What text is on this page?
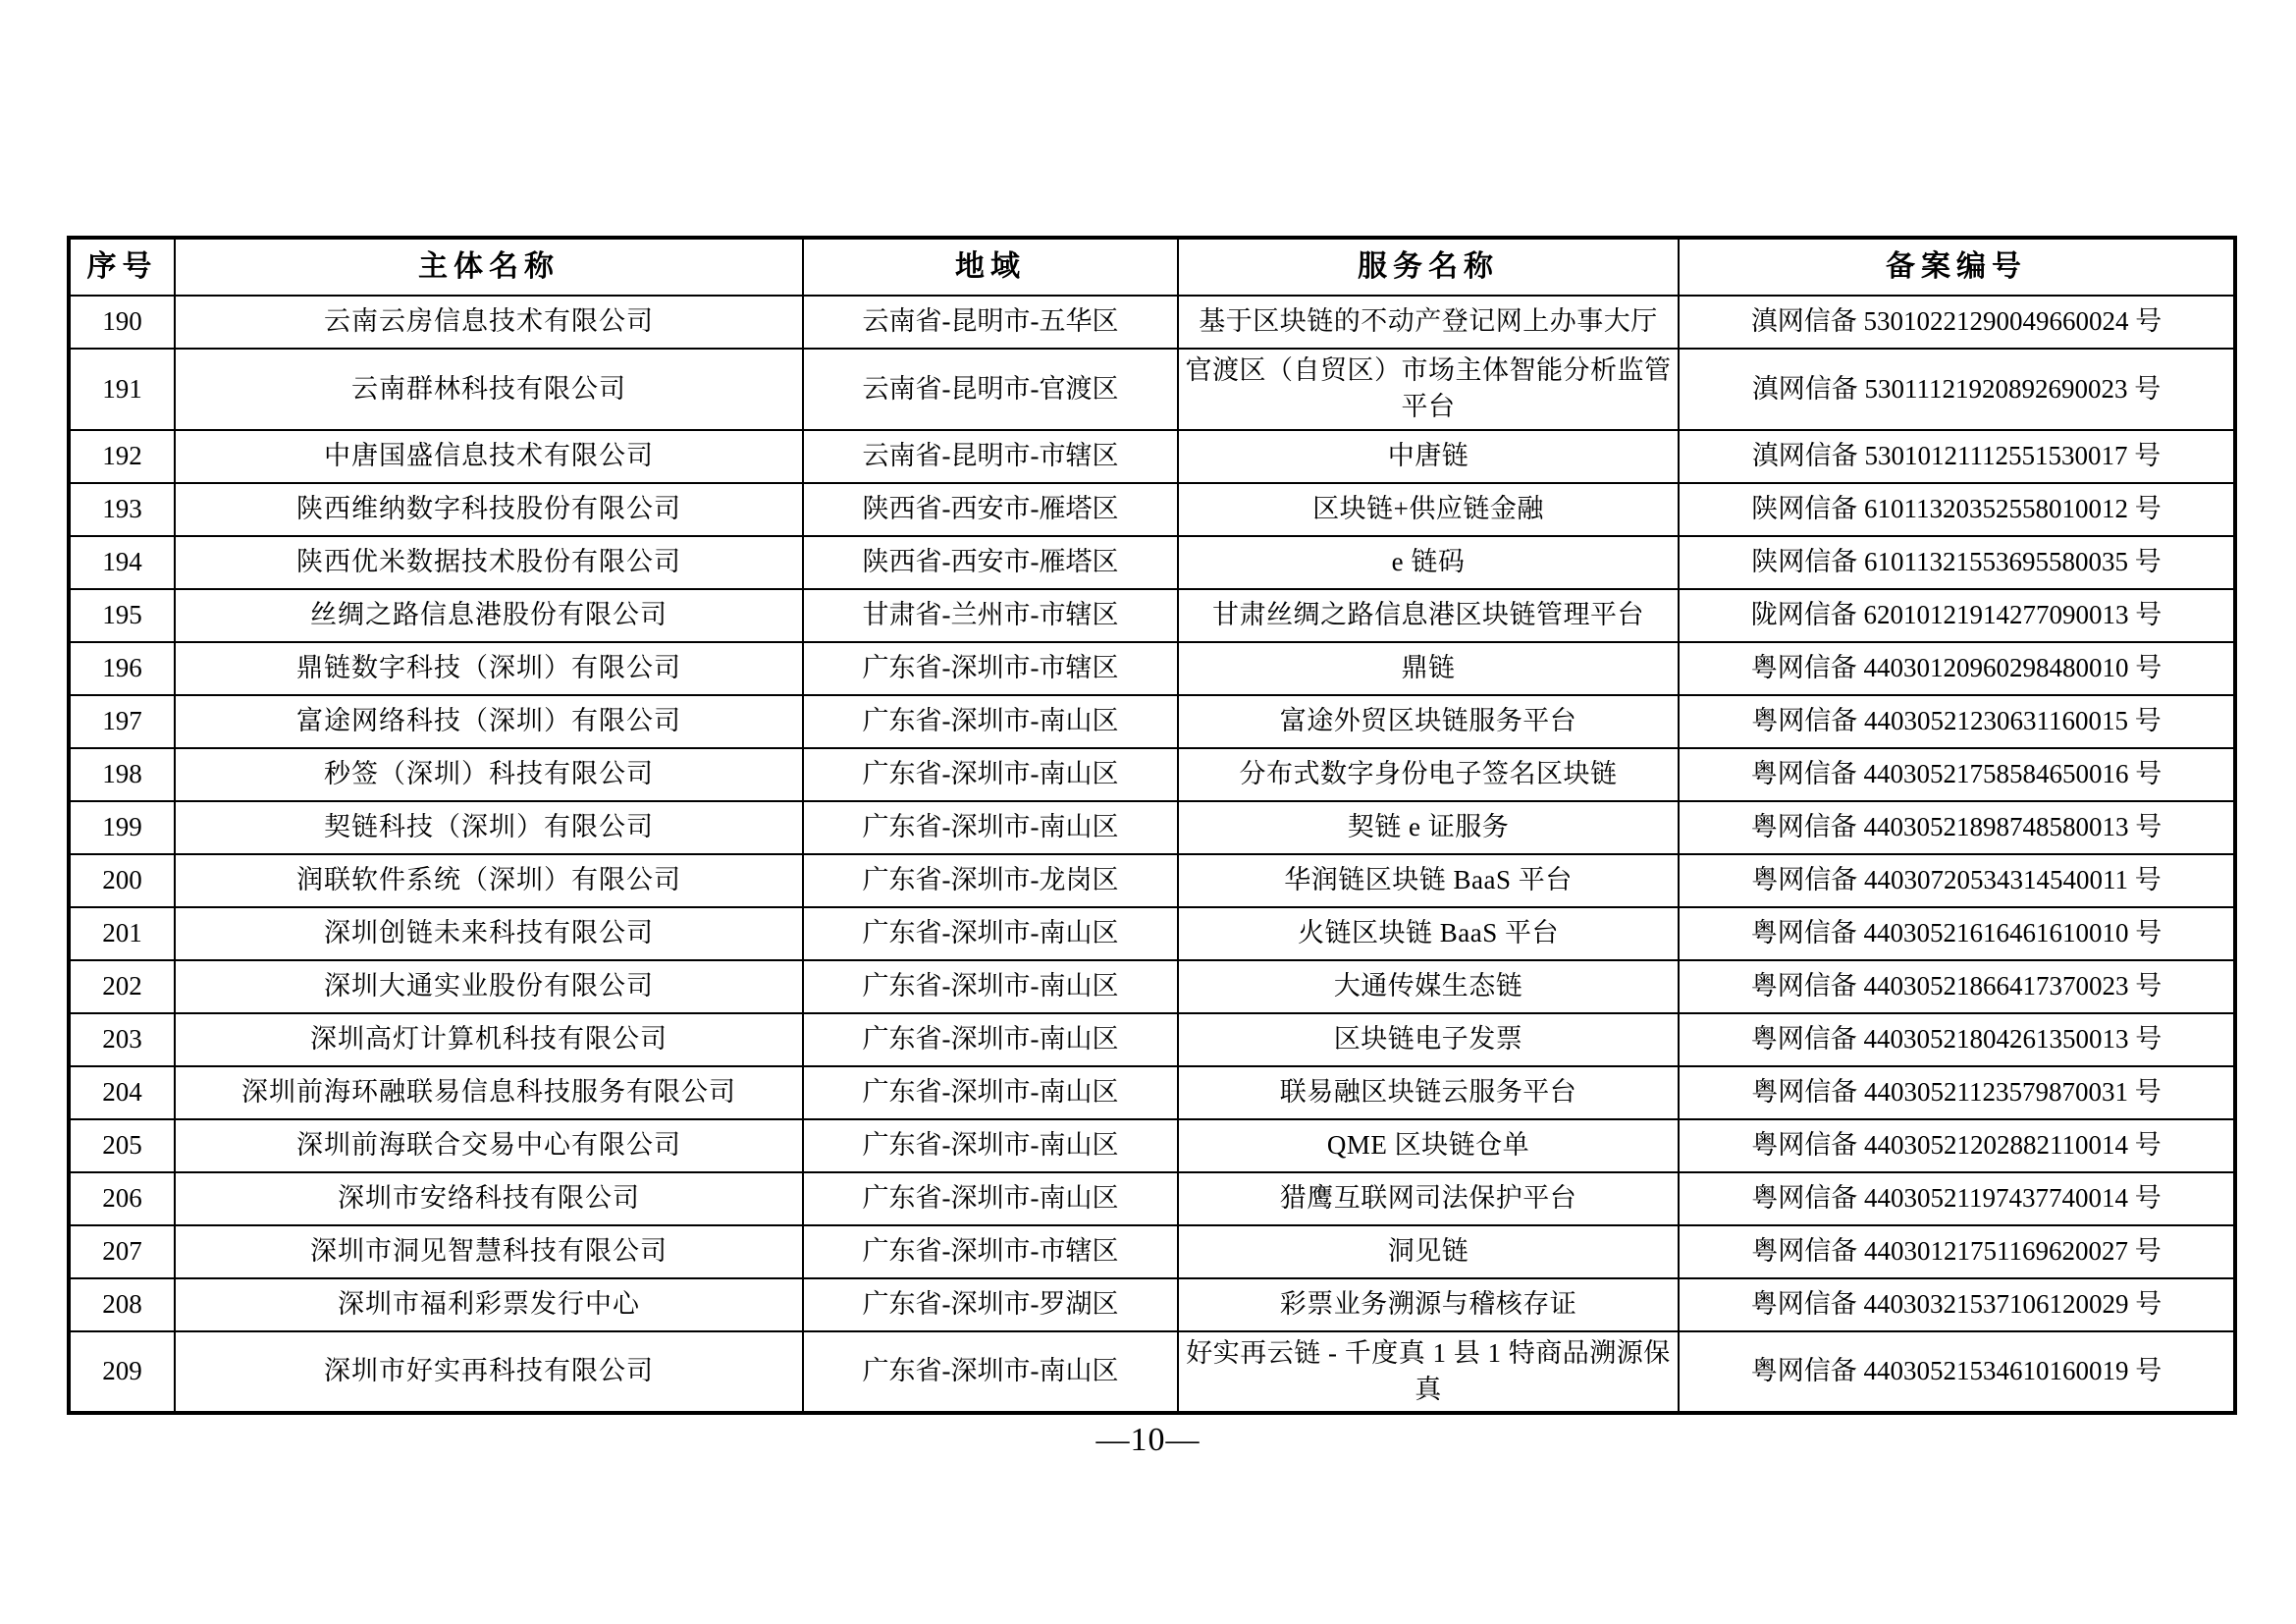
序号	主体名称	地域	服务名称	备案编号
190	云南云房信息技术有限公司	云南省-昆明市-五华区	基于区块链的不动产登记网上办事大厅	滇网信备 53010221290049660024 号
191	云南群林科技有限公司	云南省-昆明市-官渡区	官渡区（自贸区）市场主体智能分析监管平台	滇网信备 53011121920892690023 号
192	中唐国盛信息技术有限公司	云南省-昆明市-市辖区	中唐链	滇网信备 53010121112551530017 号
193	陕西维纳数字科技股份有限公司	陕西省-西安市-雁塔区	区块链+供应链金融	陕网信备 61011320352558010012 号
194	陕西优米数据技术股份有限公司	陕西省-西安市-雁塔区	e 链码	陕网信备 61011321553695580035 号
195	丝绸之路信息港股份有限公司	甘肃省-兰州市-市辖区	甘肃丝绸之路信息港区块链管理平台	陇网信备 62010121914277090013 号
196	鼎链数字科技（深圳）有限公司	广东省-深圳市-市辖区	鼎链	粤网信备 44030120960298480010 号
197	富途网络科技（深圳）有限公司	广东省-深圳市-南山区	富途外贸区块链服务平台	粤网信备 44030521230631160015 号
198	秒签（深圳）科技有限公司	广东省-深圳市-南山区	分布式数字身份电子签名区块链	粤网信备 44030521758584650016 号
199	契链科技（深圳）有限公司	广东省-深圳市-南山区	契链 e 证服务	粤网信备 44030521898748580013 号
200	润联软件系统（深圳）有限公司	广东省-深圳市-龙岗区	华润链区块链 BaaS 平台	粤网信备 44030720534314540011 号
201	深圳创链未来科技有限公司	广东省-深圳市-南山区	火链区块链 BaaS 平台	粤网信备 44030521616461610010 号
202	深圳大通实业股份有限公司	广东省-深圳市-南山区	大通传媒生态链	粤网信备 44030521866417370023 号
203	深圳高灯计算机科技有限公司	广东省-深圳市-南山区	区块链电子发票	粤网信备 44030521804261350013 号
204	深圳前海环融联易信息科技服务有限公司	广东省-深圳市-南山区	联易融区块链云服务平台	粤网信备 44030521123579870031 号
205	深圳前海联合交易中心有限公司	广东省-深圳市-南山区	QME 区块链仓单	粤网信备 44030521202882110014 号
206	深圳市安络科技有限公司	广东省-深圳市-南山区	猎鹰互联网司法保护平台	粤网信备 44030521197437740014 号
207	深圳市洞见智慧科技有限公司	广东省-深圳市-市辖区	洞见链	粤网信备 44030121751169620027 号
208	深圳市福利彩票发行中心	广东省-深圳市-罗湖区	彩票业务溯源与稽核存证	粤网信备 44030321537106120029 号
209	深圳市好实再科技有限公司	广东省-深圳市-南山区	好实再云链 - 千度真 1 县 1 特商品溯源保真	粤网信备 44030521534610160019 号
—10—
